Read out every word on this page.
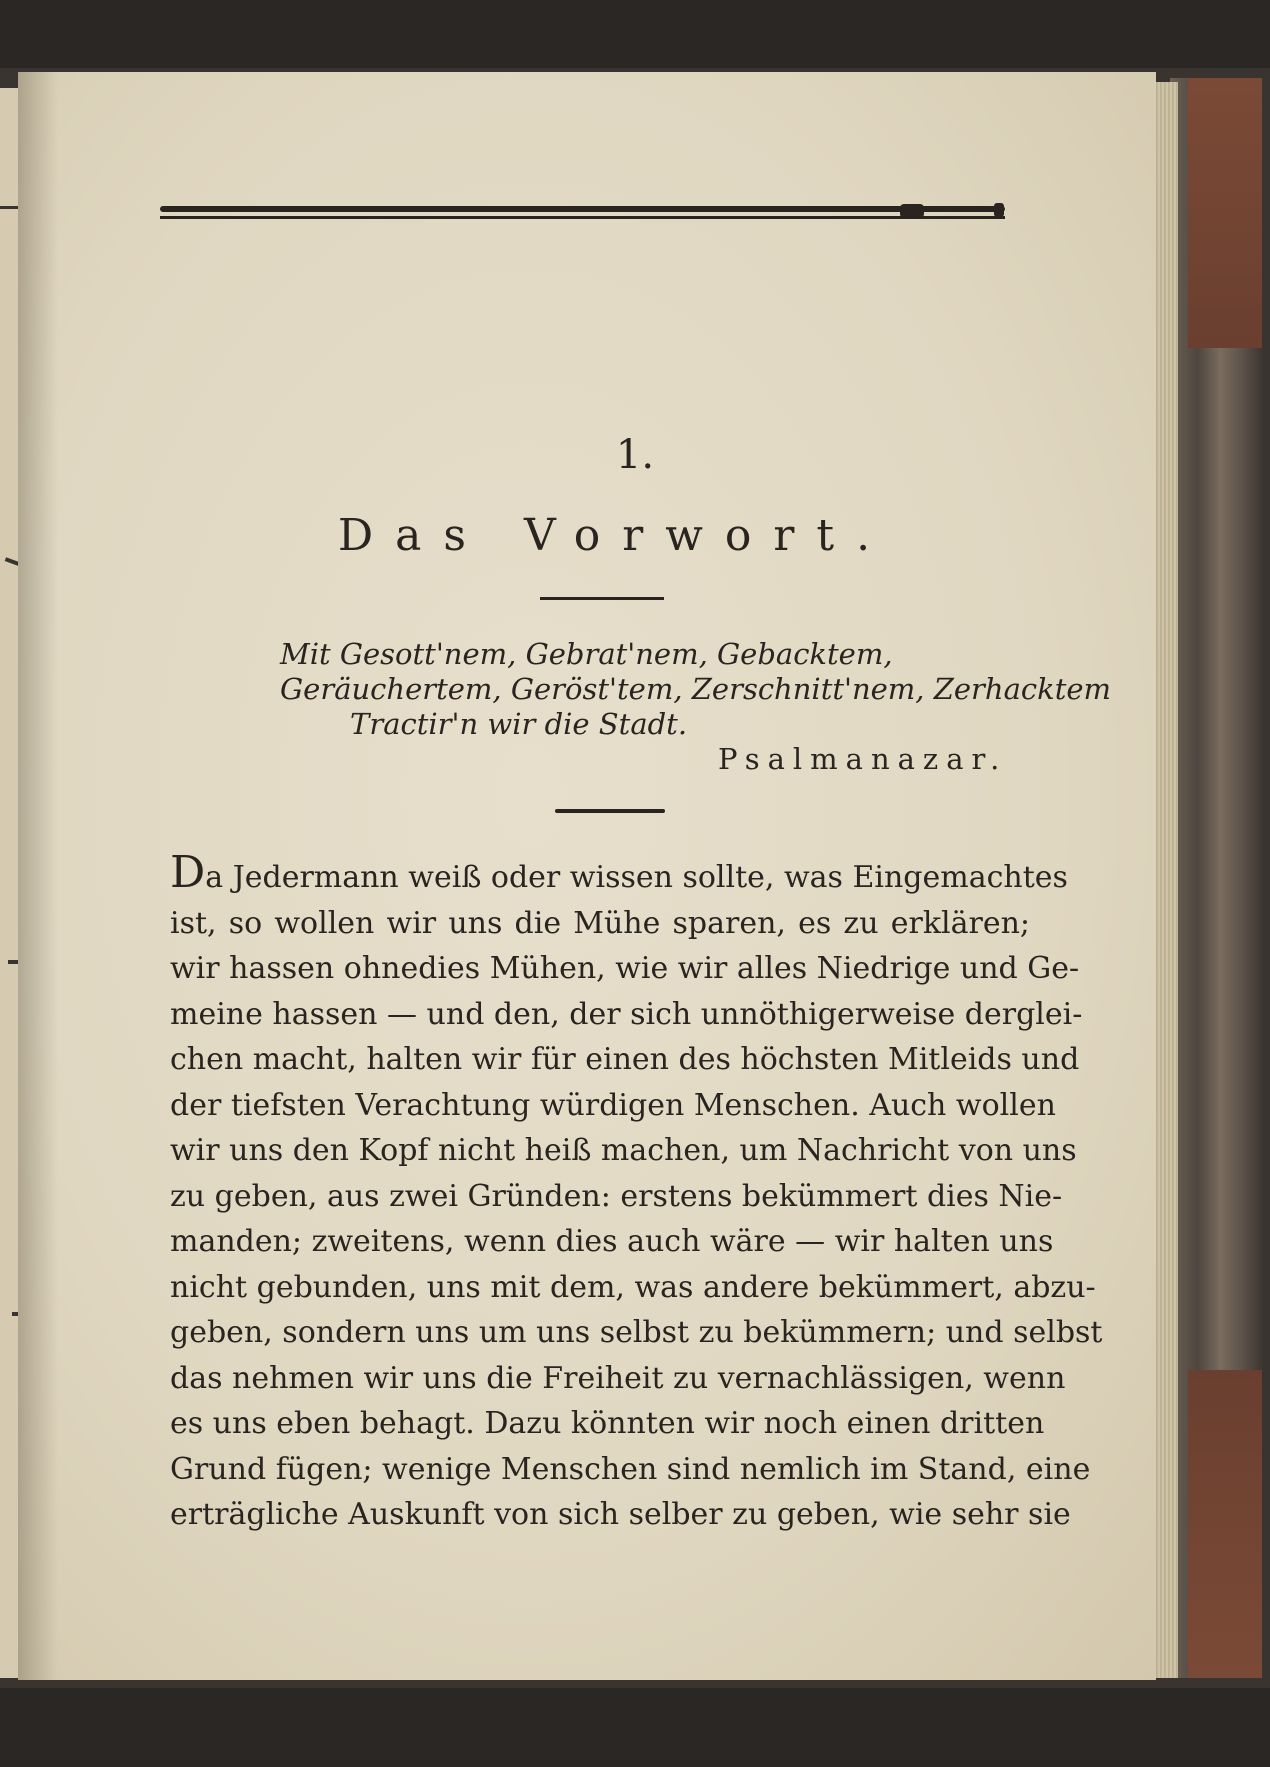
1.
Das Vorwort.
Mit Gesott'nem, Gebrat'nem, Gebacktem,
Geräuchertem, Geröst'tem, Zerschnitt'nem, Zerhacktem
Tractir'n wir die Stadt.
Psalmanazar.
Da Jedermann weiß oder wissen sollte, was Eingemachtes
ist, so wollen wir uns die Mühe sparen, es zu erklären;
wir hassen ohnedies Mühen, wie wir alles Niedrige und Ge-
meine hassen — und den, der sich unnöthigerweise derglei-
chen macht, halten wir für einen des höchsten Mitleids und
der tiefsten Verachtung würdigen Menschen. Auch wollen
wir uns den Kopf nicht heiß machen, um Nachricht von uns
zu geben, aus zwei Gründen: erstens bekümmert dies Nie-
manden; zweitens, wenn dies auch wäre — wir halten uns
nicht gebunden, uns mit dem, was andere bekümmert, abzu-
geben, sondern uns um uns selbst zu bekümmern; und selbst
das nehmen wir uns die Freiheit zu vernachlässigen, wenn
es uns eben behagt. Dazu könnten wir noch einen dritten
Grund fügen; wenige Menschen sind nemlich im Stand, eine
erträgliche Auskunft von sich selber zu geben, wie sehr sie
